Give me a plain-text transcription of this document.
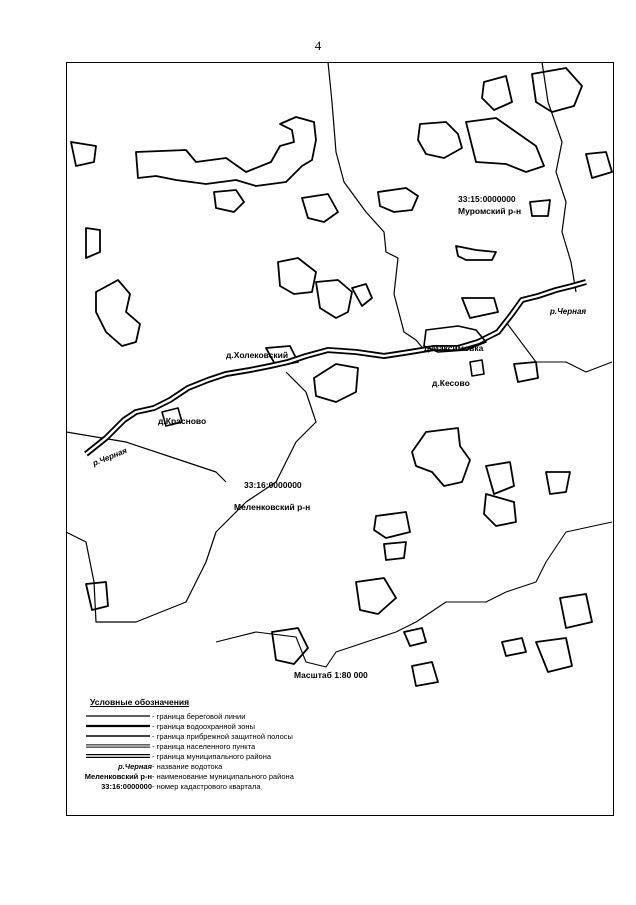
4
33:15:0000000
Муромский р-н
д.Холековский
д.Максимовка
д.Кесово
д.Красново
р.Черная
р.Черная
33:16:0000000
Меленковский р-н
Масштаб 1:80 000
Условные обозначения
- граница береговой линии
- граница водоохранной зоны
- граница прибрежной защитной полосы
- граница населенного пункта
- граница муниципального района
р.Черная - название водотока
Меленковский р-н - наименование муниципального района
33:16:0000000 - номер кадастрового квартала
